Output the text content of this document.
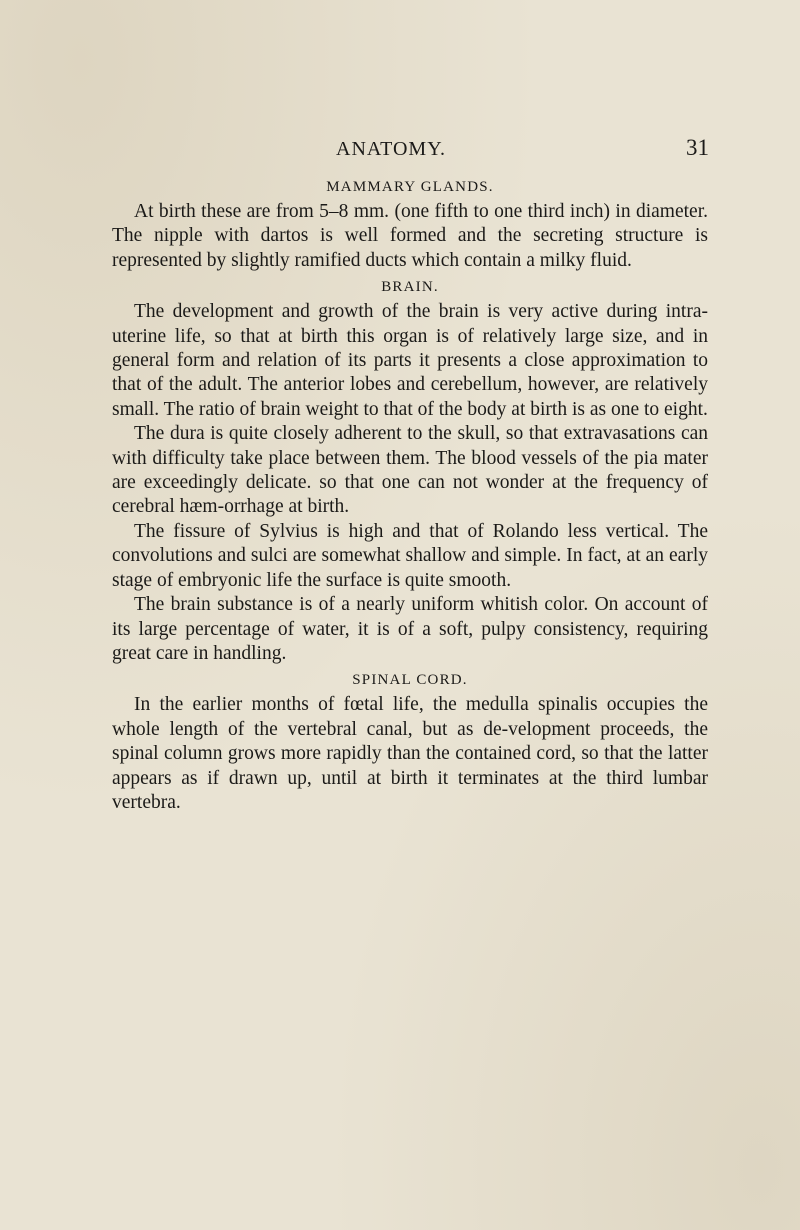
ANATOMY.	31
MAMMARY GLANDS.

At birth these are from 5–8 mm. (one fifth to one third inch) in diameter. The nipple with dartos is well formed and the secreting structure is represented by slightly ramified ducts which contain a milky fluid.

BRAIN.

The development and growth of the brain is very active during intra-uterine life, so that at birth this organ is of relatively large size, and in general form and relation of its parts it presents a close approximation to that of the adult. The anterior lobes and cerebellum, however, are relatively small. The ratio of brain weight to that of the body at birth is as one to eight.

The dura is quite closely adherent to the skull, so that extravasations can with difficulty take place between them. The blood vessels of the pia mater are exceedingly delicate. so that one can not wonder at the frequency of cerebral hæm-orrhage at birth.

The fissure of Sylvius is high and that of Rolando less vertical. The convolutions and sulci are somewhat shallow and simple. In fact, at an early stage of embryonic life the surface is quite smooth.

The brain substance is of a nearly uniform whitish color. On account of its large percentage of water, it is of a soft, pulpy consistency, requiring great care in handling.

SPINAL CORD.

In the earlier months of fœtal life, the medulla spinalis occupies the whole length of the vertebral canal, but as de-velopment proceeds, the spinal column grows more rapidly than the contained cord, so that the latter appears as if drawn up, until at birth it terminates at the third lumbar vertebra.
